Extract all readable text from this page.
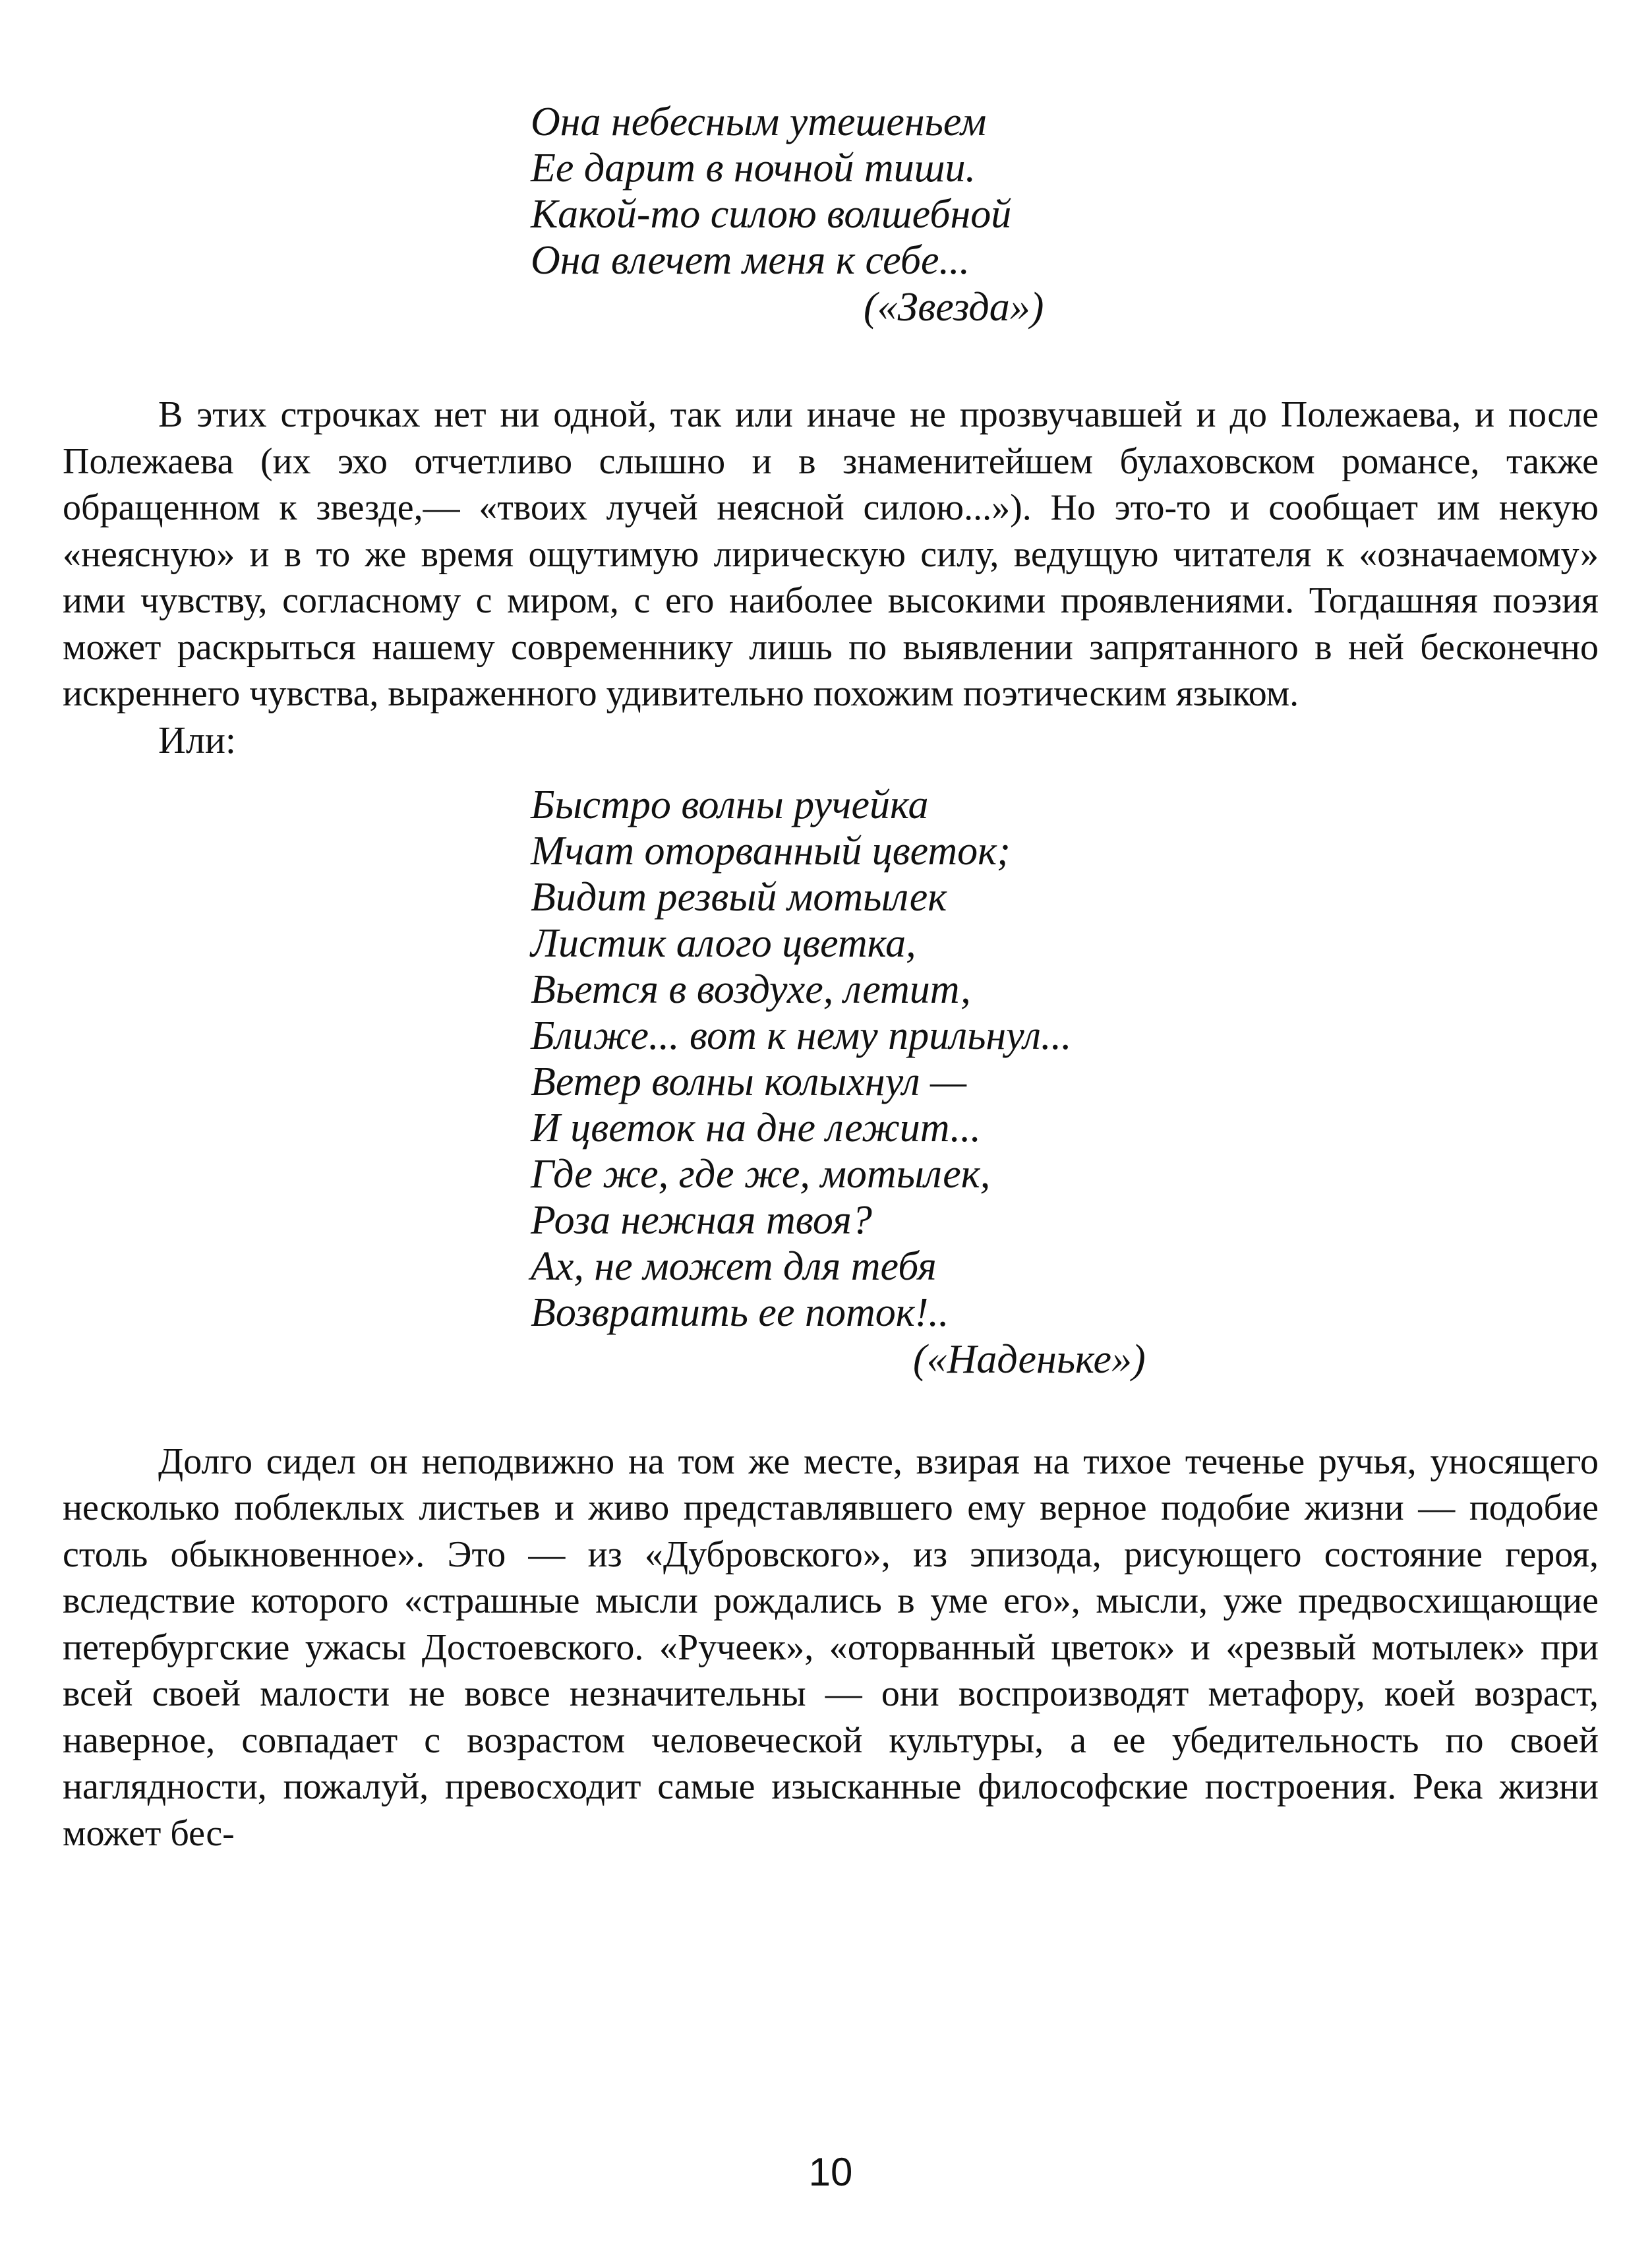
Она небесным утешеньем
Ее дарит в ночной тиши.
Какой-то силою волшебной
Она влечет меня к себе...
(«Звезда»)

В этих строчках нет ни одной, так или иначе не прозвучавшей и до Полежаева, и после Полежаева (их эхо отчетливо слышно и в знаменитейшем булаховском романсе, также обращенном к звезде,— «твоих лучей неясной силою...»). Но это-то и сообщает им некую «неясную» и в то же время ощутимую лирическую силу, ведущую читателя к «означаемому» ими чувству, согласному с миром, с его наиболее высокими проявлениями. Тогдашняя поэзия может раскрыться нашему современнику лишь по выявлении запрятанного в ней бесконечно искреннего чувства, выраженного удивительно похожим поэтическим языком.

Или:
Быстро волны ручейка
Мчат оторванный цветок;
Видит резвый мотылек
Листик алого цветка,
Вьется в воздухе, летит,
Ближе... вот к нему прильнул...
Ветер волны колыхнул —
И цветок на дне лежит...
Где же, где же, мотылек,
Роза нежная твоя?
Ах, не может для тебя
Возвратить ее поток!..
(«Наденьке»)

Долго сидел он неподвижно на том же месте, взирая на тихое теченье ручья, уносящего несколько поблеклых листьев и живо представлявшего ему верное подобие жизни — подобие столь обыкновенное». Это — из «Дубровского», из эпизода, рисующего состояние героя, вследствие которого «страшные мысли рождались в уме его», мысли, уже предвосхищающие петербургские ужасы Достоевского. «Ручеек», «оторванный цветок» и «резвый мотылек» при всей своей малости не вовсе незначительны — они воспроизводят метафору, коей возраст, наверное, совпадает с возрастом человеческой культуры, а ее убедительность по своей наглядности, пожалуй, превосходит самые изысканные философские построения. Река жизни может бес-

10
